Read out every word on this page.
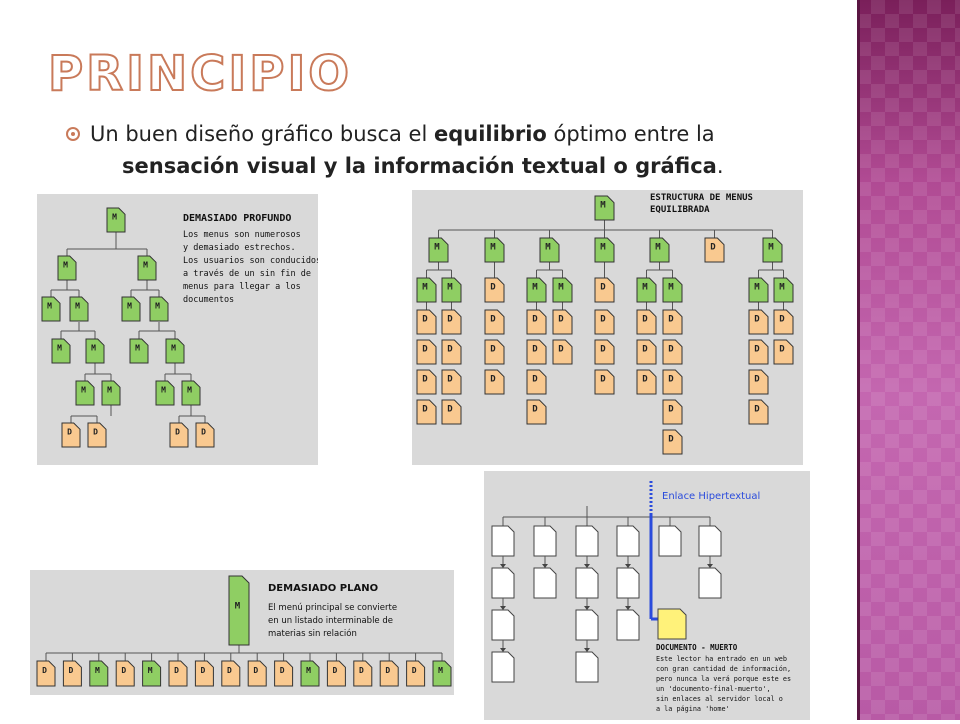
PRINCIPIO
Un buen diseño gráfico busca el equilibrio óptimo entre la
sensación visual y la información textual o gráfica.
DEMASIADO PROFUNDO
Los menus son numerosos
y demasiado estrechos.
Los usuarios son conducidos
a través de un sin fin de
menus para llegar a los
documentos
M
M	M
M	M	M	M
M	M	M	M
M	M	M	M
D	D	D	D
ESTRUCTURA DE MENUS
EQUILIBRADA
D
D
D
D
M
D
D
D
D
M
M
D
D
D
D
M
D
D
D
D
M
D
D
M
M
D
D
D
D
M
D
D
D
M
D
D
D
D
D
M
M	D
D
D
D
D
M
D
D
M
M
M
Enlace Hipertextual
DOCUMENTO - MUERTO
Este lector ha entrado en un web
con gran cantidad de información,
pero nunca la verá porque este es
un 'documento-final-muerto',
sin enlaces al servidor local o
a la página 'home'
DEMASIADO PLANO
El menú principal se convierte
en un listado interminable de
materias sin relación
D	D	M	D	M	D	D	D	D	D	M	D	D	D	D	M
M
